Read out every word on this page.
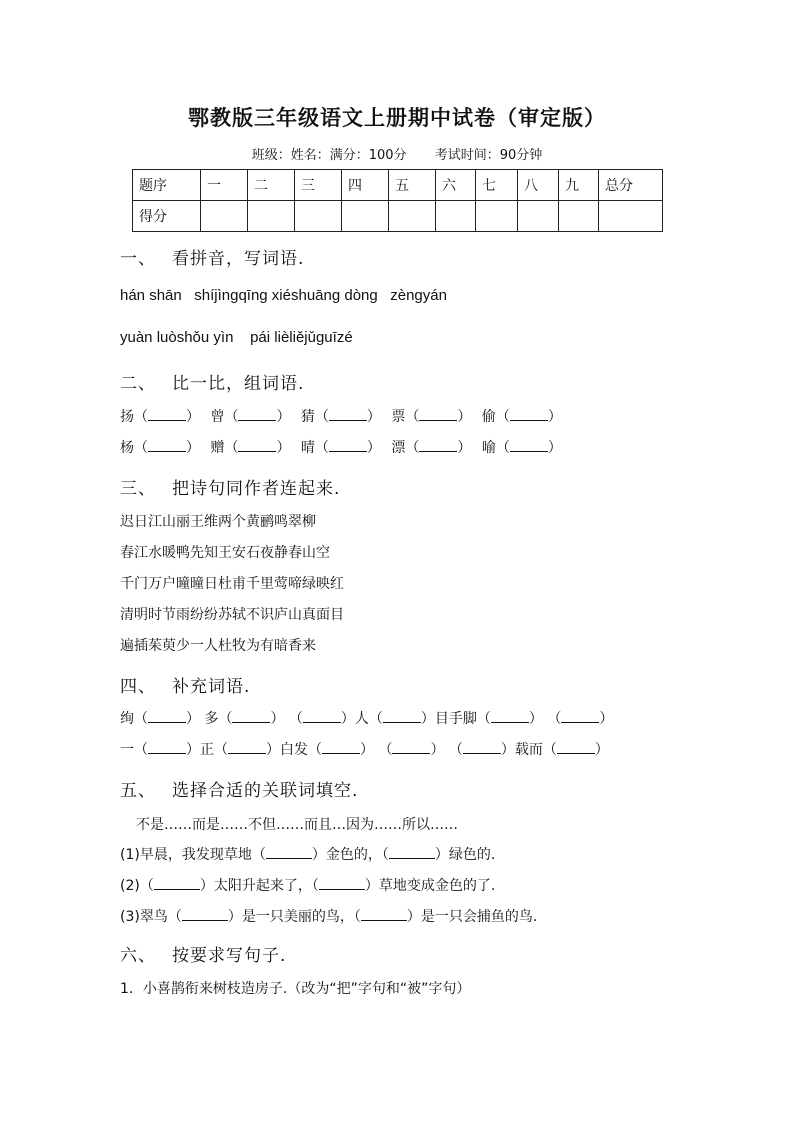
鄂教版三年级语文上册期中试卷（审定版）
班级：姓名：满分：100分 考试时间：90分钟
题序	一	二	三	四	五	六	七	八	九	总分
得分										
一、 看拼音，写词语.
hán shān shíjìngqīng xiéshuāng dòng zèngyán
yuàn luòshǒu yìn pái lièliějǔguīzé
二、 比一比，组词语.
扬（	） 曾（	） 猜（	） 票（	） 偷（	）
杨（	） 赠（	） 晴（	） 漂（	） 喻（	）
三、 把诗句同作者连起来.
迟日江山丽王维两个黄鹂鸣翠柳
春江水暖鸭先知王安石夜静春山空
千门万户曈曈日杜甫千里莺啼绿映红
清明时节雨纷纷苏轼不识庐山真面目
遍插茱萸少一人杜牧为有暗香来
四、 补充词语.
绚（	） 多（	） （	）人（	）目手脚（	） （	）
一（	）正（	）白发（	） （	） （	）载而（	）
五、 选择合适的关联词填空.
不是……而是……不但……而且…因为……所以……
(1)早晨，我发现草地（	）金色的，（	）绿色的.
(2)（	）太阳升起来了，（	）草地变成金色的了.
(3)翠鸟（	）是一只美丽的鸟，（	）是一只会捕鱼的鸟.
六、 按要求写句子.
1．小喜鹊衔来树枝造房子.（改为“把”字句和“被”字句）
